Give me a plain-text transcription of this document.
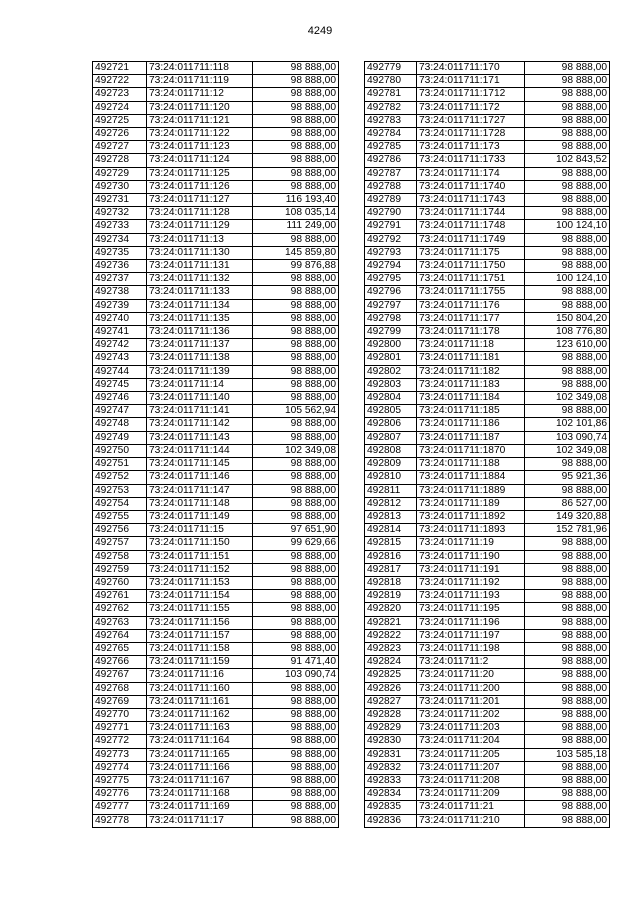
4249
492721	73:24:011711:118	98 888,00
492722	73:24:011711:119	98 888,00
492723	73:24:011711:12	98 888,00
492724	73:24:011711:120	98 888,00
492725	73:24:011711:121	98 888,00
492726	73:24:011711:122	98 888,00
492727	73:24:011711:123	98 888,00
492728	73:24:011711:124	98 888,00
492729	73:24:011711:125	98 888,00
492730	73:24:011711:126	98 888,00
492731	73:24:011711:127	116 193,40
492732	73:24:011711:128	108 035,14
492733	73:24:011711:129	111 249,00
492734	73:24:011711:13	98 888,00
492735	73:24:011711:130	145 859,80
492736	73:24:011711:131	99 876,88
492737	73:24:011711:132	98 888,00
492738	73:24:011711:133	98 888,00
492739	73:24:011711:134	98 888,00
492740	73:24:011711:135	98 888,00
492741	73:24:011711:136	98 888,00
492742	73:24:011711:137	98 888,00
492743	73:24:011711:138	98 888,00
492744	73:24:011711:139	98 888,00
492745	73:24:011711:14	98 888,00
492746	73:24:011711:140	98 888,00
492747	73:24:011711:141	105 562,94
492748	73:24:011711:142	98 888,00
492749	73:24:011711:143	98 888,00
492750	73:24:011711:144	102 349,08
492751	73:24:011711:145	98 888,00
492752	73:24:011711:146	98 888,00
492753	73:24:011711:147	98 888,00
492754	73:24:011711:148	98 888,00
492755	73:24:011711:149	98 888,00
492756	73:24:011711:15	97 651,90
492757	73:24:011711:150	99 629,66
492758	73:24:011711:151	98 888,00
492759	73:24:011711:152	98 888,00
492760	73:24:011711:153	98 888,00
492761	73:24:011711:154	98 888,00
492762	73:24:011711:155	98 888,00
492763	73:24:011711:156	98 888,00
492764	73:24:011711:157	98 888,00
492765	73:24:011711:158	98 888,00
492766	73:24:011711:159	91 471,40
492767	73:24:011711:16	103 090,74
492768	73:24:011711:160	98 888,00
492769	73:24:011711:161	98 888,00
492770	73:24:011711:162	98 888,00
492771	73:24:011711:163	98 888,00
492772	73:24:011711:164	98 888,00
492773	73:24:011711:165	98 888,00
492774	73:24:011711:166	98 888,00
492775	73:24:011711:167	98 888,00
492776	73:24:011711:168	98 888,00
492777	73:24:011711:169	98 888,00
492778	73:24:011711:17	98 888,00
492779	73:24:011711:170	98 888,00
492780	73:24:011711:171	98 888,00
492781	73:24:011711:1712	98 888,00
492782	73:24:011711:172	98 888,00
492783	73:24:011711:1727	98 888,00
492784	73:24:011711:1728	98 888,00
492785	73:24:011711:173	98 888,00
492786	73:24:011711:1733	102 843,52
492787	73:24:011711:174	98 888,00
492788	73:24:011711:1740	98 888,00
492789	73:24:011711:1743	98 888,00
492790	73:24:011711:1744	98 888,00
492791	73:24:011711:1748	100 124,10
492792	73:24:011711:1749	98 888,00
492793	73:24:011711:175	98 888,00
492794	73:24:011711:1750	98 888,00
492795	73:24:011711:1751	100 124,10
492796	73:24:011711:1755	98 888,00
492797	73:24:011711:176	98 888,00
492798	73:24:011711:177	150 804,20
492799	73:24:011711:178	108 776,80
492800	73:24:011711:18	123 610,00
492801	73:24:011711:181	98 888,00
492802	73:24:011711:182	98 888,00
492803	73:24:011711:183	98 888,00
492804	73:24:011711:184	102 349,08
492805	73:24:011711:185	98 888,00
492806	73:24:011711:186	102 101,86
492807	73:24:011711:187	103 090,74
492808	73:24:011711:1870	102 349,08
492809	73:24:011711:188	98 888,00
492810	73:24:011711:1884	95 921,36
492811	73:24:011711:1889	98 888,00
492812	73:24:011711:189	86 527,00
492813	73:24:011711:1892	149 320,88
492814	73:24:011711:1893	152 781,96
492815	73:24:011711:19	98 888,00
492816	73:24:011711:190	98 888,00
492817	73:24:011711:191	98 888,00
492818	73:24:011711:192	98 888,00
492819	73:24:011711:193	98 888,00
492820	73:24:011711:195	98 888,00
492821	73:24:011711:196	98 888,00
492822	73:24:011711:197	98 888,00
492823	73:24:011711:198	98 888,00
492824	73:24:011711:2	98 888,00
492825	73:24:011711:20	98 888,00
492826	73:24:011711:200	98 888,00
492827	73:24:011711:201	98 888,00
492828	73:24:011711:202	98 888,00
492829	73:24:011711:203	98 888,00
492830	73:24:011711:204	98 888,00
492831	73:24:011711:205	103 585,18
492832	73:24:011711:207	98 888,00
492833	73:24:011711:208	98 888,00
492834	73:24:011711:209	98 888,00
492835	73:24:011711:21	98 888,00
492836	73:24:011711:210	98 888,00
